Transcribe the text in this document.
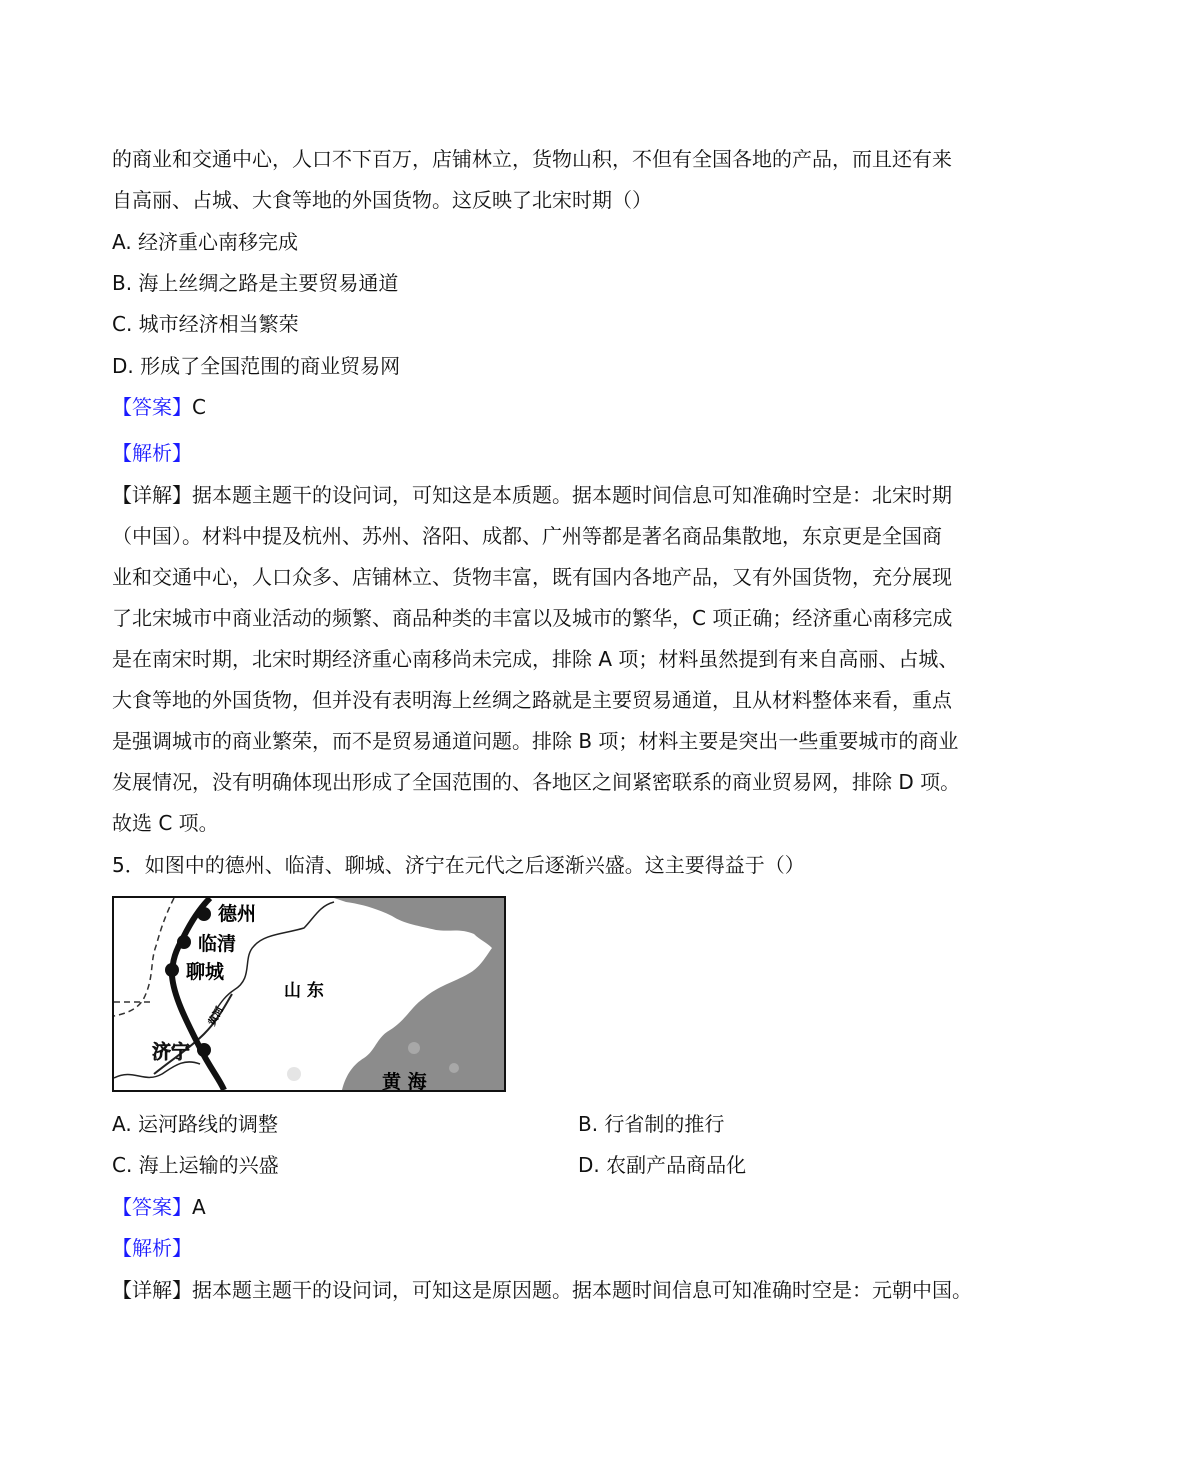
的商业和交通中心，人口不下百万，店铺林立，货物山积，不但有全国各地的产品，而且还有来
自高丽、占城、大食等地的外国货物。这反映了北宋时期（）
A. 经济重心南移完成
B. 海上丝绸之路是主要贸易通道
C. 城市经济相当繁荣
D. 形成了全国范围的商业贸易网
【答案】C
【解析】
【详解】据本题主题干的设问词，可知这是本质题。据本题时间信息可知准确时空是：北宋时期
（中国）。材料中提及杭州、苏州、洛阳、成都、广州等都是著名商品集散地，东京更是全国商
业和交通中心，人口众多、店铺林立、货物丰富，既有国内各地产品，又有外国货物，充分展现
了北宋城市中商业活动的频繁、商品种类的丰富以及城市的繁华，C 项正确；经济重心南移完成
是在南宋时期，北宋时期经济重心南移尚未完成，排除 A 项；材料虽然提到有来自高丽、占城、
大食等地的外国货物，但并没有表明海上丝绸之路就是主要贸易通道，且从材料整体来看，重点
是强调城市的商业繁荣，而不是贸易通道问题。排除 B 项；材料主要是突出一些重要城市的商业
发展情况，没有明确体现出形成了全国范围的、各地区之间紧密联系的商业贸易网，排除 D 项。
故选 C 项。
5．如图中的德州、临清、聊城、济宁在元代之后逐渐兴盛。这主要得益于（）
德州
临清
聊城
济宁
山 东
黄河
黄 海
A. 运河路线的调整	B. 行省制的推行
C. 海上运输的兴盛	D. 农副产品商品化
【答案】A
【解析】
【详解】据本题主题干的设问词，可知这是原因题。据本题时间信息可知准确时空是：元朝中国。
